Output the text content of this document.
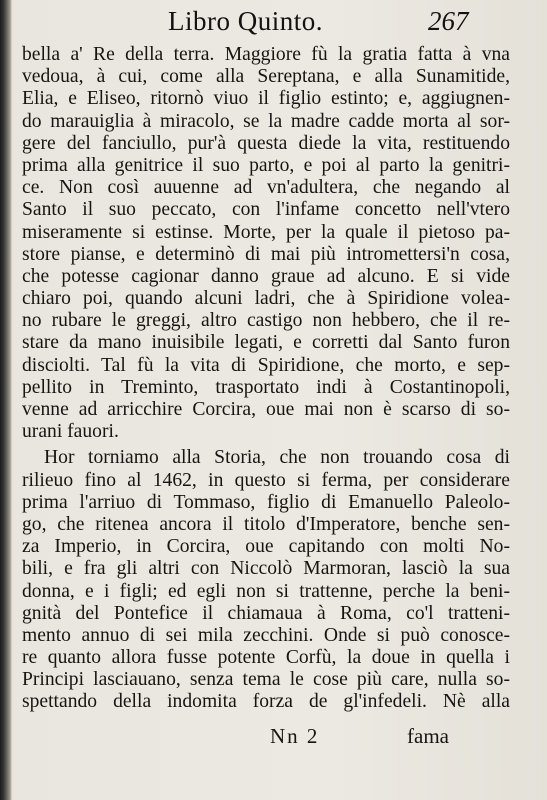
Libro Quinto.	267
bella a' Re della terra. Maggiore fù la gratia fatta à vna
vedoua, à cui, come alla Sereptana, e alla Sunamitide,
Elia, e Eliseo, ritornò viuo il figlio estinto; e, aggiugnen-
do marauiglia à miracolo, se la madre cadde morta al sor-
gere del fanciullo, pur'à questa diede la vita, restituendo
prima alla genitrice il suo parto, e poi al parto la genitri-
ce. Non così auuenne ad vn'adultera, che negando al
Santo il suo peccato, con l'infame concetto nell'vtero
miseramente si estinse. Morte, per la quale il pietoso pa-
store pianse, e determinò di mai più intromettersi'n cosa,
che potesse cagionar danno graue ad alcuno. E si vide
chiaro poi, quando alcuni ladri, che à Spiridione volea-
no rubare le greggi, altro castigo non hebbero, che il re-
stare da mano inuisibile legati, e corretti dal Santo furon
disciolti. Tal fù la vita di Spiridione, che morto, e sep-
pellito in Treminto, trasportato indi à Costantinopoli,
venne ad arricchire Corcira, oue mai non è scarso di so-
urani fauori.
Hor torniamo alla Storia, che non trouando cosa di
rilieuo fino al 1462, in questo si ferma, per considerare
prima l'arriuo di Tommaso, figlio di Emanuello Paleolo-
go, che ritenea ancora il titolo d'Imperatore, benche sen-
za Imperio, in Corcira, oue capitando con molti No-
bili, e fra gli altri con Niccolò Marmoran, lasciò la sua
donna, e i figli; ed egli non si trattenne, perche la beni-
gnità del Pontefice il chiamaua à Roma, co'l tratteni-
mento annuo di sei mila zecchini. Onde si può conosce-
re quanto allora fusse potente Corfù, la doue in quella i
Principi lasciauano, senza tema le cose più care, nulla so-
spettando della indomita forza de gl'infedeli. Nè alla
Nn 2	fama
